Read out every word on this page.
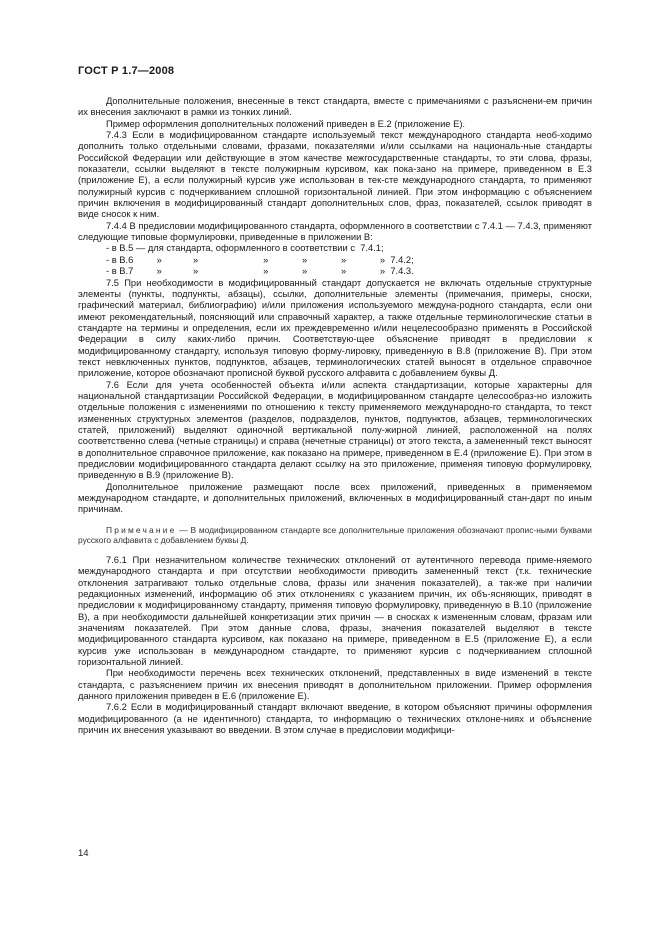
ГОСТ Р 1.7—2008

Дополнительные положения, внесенные в текст стандарта, вместе с примечаниями с разъяснени-ем причин их внесения заключают в рамки из тонких линий.

Пример оформления дополнительных положений приведен в Е.2 (приложение Е).

7.4.3 Если в модифицированном стандарте используемый текст международного стандарта необ-ходимо дополнить только отдельными словами, фразами, показателями и/или ссылками на националь-ные стандарты Российской Федерации или действующие в этом качестве межгосударственные стандарты, то эти слова, фразы, показатели, ссылки выделяют в тексте полужирным курсивом, как пока-зано на примере, приведенном в Е.3 (приложение Е), а если полужирный курсив уже использован в тек-сте международного стандарта, то применяют полужирный курсив с подчеркиванием сплошной горизонтальной линией. При этом информацию с объяснением причин включения в модифицированный стандарт дополнительных слов, фраз, показателей, ссылок приводят в виде сносок к ним.

7.4.4 В предисловии модифицированного стандарта, оформленного в соответствии с 7.4.1 — 7.4.3, применяют следующие типовые формулировки, приведенные в приложении В:

- в В.5 — для стандарта, оформленного в соответствии с  7.4.1;
- в В.6         »            »                         »             »             »             »  7.4.2;
- в В.7         »            »                         »             »             »             »  7.4.3.

7.5 При необходимости в модифицированный стандарт допускается не включать отдельные структурные элементы (пункты, подпункты, абзацы), ссылки, дополнительные элементы (примечания, примеры, сноски, графический материал, библиографию) и/или приложения используемого междуна-родного стандарта, если они имеют рекомендательный, поясняющий или справочный характер, а также отдельные терминологические статьи в стандарте на термины и определения, если их преждевременно и/или нецелесообразно применять в Российской Федерации в силу каких-либо причин. Соответствую-щее объяснение приводят в предисловии к модифицированному стандарту, используя типовую форму-лировку, приведенную в В.8 (приложение В). При этом текст невключенных пунктов, подпунктов, абзацев, терминологических статей выносят в отдельное справочное приложение, которое обозначают прописной буквой русского алфавита с добавлением буквы Д.

7.6 Если для учета особенностей объекта и/или аспекта стандартизации, которые характерны для национальной стандартизации Российской Федерации, в модифицированном стандарте целесообраз-но изложить отдельные положения с изменениями по отношению к тексту применяемого международно-го стандарта, то текст измененных структурных элементов (разделов, подразделов, пунктов, подпунктов, абзацев, терминологических статей, приложений) выделяют одиночной вертикальной полу-жирной линией, расположенной на полях соответственно слева (четные страницы) и справа (нечетные страницы) от этого текста, а замененный текст выносят в дополнительное справочное приложение, как показано на примере, приведенном в Е.4 (приложение Е). При этом в предисловии модифицированного стандарта делают ссылку на это приложение, применяя типовую формулировку, приведенную в В.9 (приложение В).

Дополнительное приложение размещают после всех приложений, приведенных в применяемом международном стандарте, и дополнительных приложений, включенных в модифицированный стан-дарт по иным причинам.

Примечание — В модифицированном стандарте все дополнительные приложения обозначают пропис-ными буквами русского алфавита с добавлением буквы Д.

7.6.1 При незначительном количестве технических отклонений от аутентичного перевода приме-няемого международного стандарта и при отсутствии необходимости приводить замененный текст (т.к. технические отклонения затрагивают только отдельные слова, фразы или значения показателей), а так-же при наличии редакционных изменений, информацию об этих отклонениях с указанием причин, их объ-ясняющих, приводят в предисловии к модифицированному стандарту, применяя типовую формулировку, приведенную в В.10 (приложение В), а при необходимости дальнейшей конкретизации этих причин — в сносках к измененным словам, фразам или значениям показателей. При этом данные слова, фразы, значения показателей выделяют в тексте модифицированного стандарта курсивом, как показано на примере, приведенном в Е.5 (приложение Е), а если курсив уже использован в международном стандарте, то применяют курсив с подчеркиванием сплошной горизонтальной линией.

При необходимости перечень всех технических отклонений, представленных в виде изменений в тексте стандарта, с разъяснением причин их внесения приводят в дополнительном приложении. Пример оформления данного приложения приведен в Е.6 (приложение Е).

7.6.2 Если в модифицированный стандарт включают введение, в котором объясняют причины оформления модифицированного (а не идентичного) стандарта, то информацию о технических отклоне-ниях и объяснение причин их внесения указывают во введении. В этом случае в предисловии модифици-

14
